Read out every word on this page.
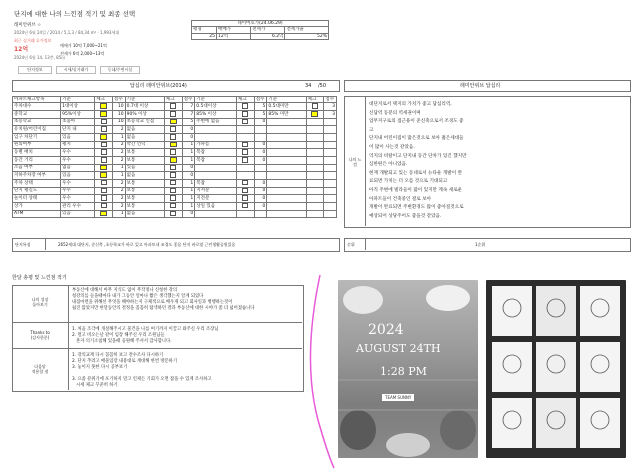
단지에 대한 나의 느낀점 적기 및 최종 선택
래미안위브 ☆
2024년 6월 24일 / 2014 / 5,1,3 / 84,34 m² · 1,993세대
최근 실거래 호가정보
12억
매매가 10억 7,000~21억
전세가 6억 2,000~13억
2024년 6월 14, 13층, 85㎡
단지정보	시세/실거래가	동네/주변시설
네이버호가(24.06.29)			
평형	매매가	전세가	전세가율
25	12억	6.2억	52%
답십리 래미안위브(2014)	34 /50	래미안위브 답십리
아파트체크항목	기준	체크	점수	기준	체크	점수	기준	체크	점수	기준	체크	점수
주차대수	1대이상		10	0.7대 이상		7	0.5대이상		5	0.5대미만		3
중학교	95%이상		10	90% 이상		7	85% 이상		5	85% 미만		3
초등학교	초품아		10	초등학교 인접		5	주변에 없음		0			
유치원/어린이집	단지 내		2	없음		0						
입구 차단기	있음		1	없음		0						
편의여부	평지		2	약간 언덕		1	가파름		0			
동별 배치	우수		2	보통		1	복잡		0			
동간 거리	우수		2	보통		1	복잡		0			
소음 여부	없음		1	있음		0						
지하주차장 여부	있음		1	없음		0						
주차 상태	우수		2	보통		1	복잡		0			
단지 평길도	우수		2	보통		1	지저분		0			
놀이터 상태	우수		2	보통		1	지전분		0			
상가	관리 우수		2	보통		1	상일 있음		0			
ATM	있음		1	없음		0						
나의 느낌
대단지로서 택지의 가치가 좋고 답십리역,
신답역 동분의 역세권이며
업무지구로의 접근용이 준신축으로서 조경도 좋
고
단지내 어린이집이 많은것으로 보아 젊은세대들
이 많이 사는것 같았음.
억지의 비탈이고 단지내 동간 단차가 있긴 했지만
심한편은 아니었음.
현재 개발되고 있는 동네로서 뉴타운 개발이 완
료되면 가치는 더 오를 것으로 기대되고
아직 주변에 빌라들이 많이 있지만 계속 새로운
아파트들이 건축중인 걸로 보아
개발이 완료되면 주변환경도 많이 좋아질것으로
예상되어 상당주어도 좋을것 같았음.
단지특징	2652세대 대단지, 준신축 ,초등학교가 바로 있고 아파트내 조경도 좋음 단지 바로옆 근린생활공원있음	순위	1순위
한달 총평 및 느낀점 적기
나의 성장
돌아보기
부동산에 대해서 아무 지식도 없이 무작정나 신청한 강의
청강의를 들을때마다 내가 그동안 얼마나 짧은 생각했는지 알게 되었다
내집마련을 위해선 무엇을 해야하는지 구체적으로 배우게 되고 회사일과 병행하는것이
쉽진 않았지만 한달동안의 결정을 꼼꼼히 탐색하던 결과 부동산에 대한 시야가 좀 더 넓어졌습니다
Thanks to
(감사한분)
1. 처음 조각에 개설해주시고 물건을 나를 여기까지 이끌고 와주신 우리 조장님
2. 멀고 비오는날 같이 임장 해주신 우리 조원님들
혼자 의기소침해 있을때 응원해 주셔서 감사합니다.
다음달
적용할 점
1. 강의교재 다시 꼼꼼히 보고 전수조사 다시하기
2. 단지 추려고 매물임장 내용대로 계대해 한번 방문하기
3. 놓이지 못한 다시 공부보기
3. 요즘 분위기에 포기하지 말고 언제든 기회가 오면 잡을 수 있게 조사하고
시세 체크 꾸준히 하기
2024
AUGUST 24TH
1:28 PM
TEAM SUNNY
